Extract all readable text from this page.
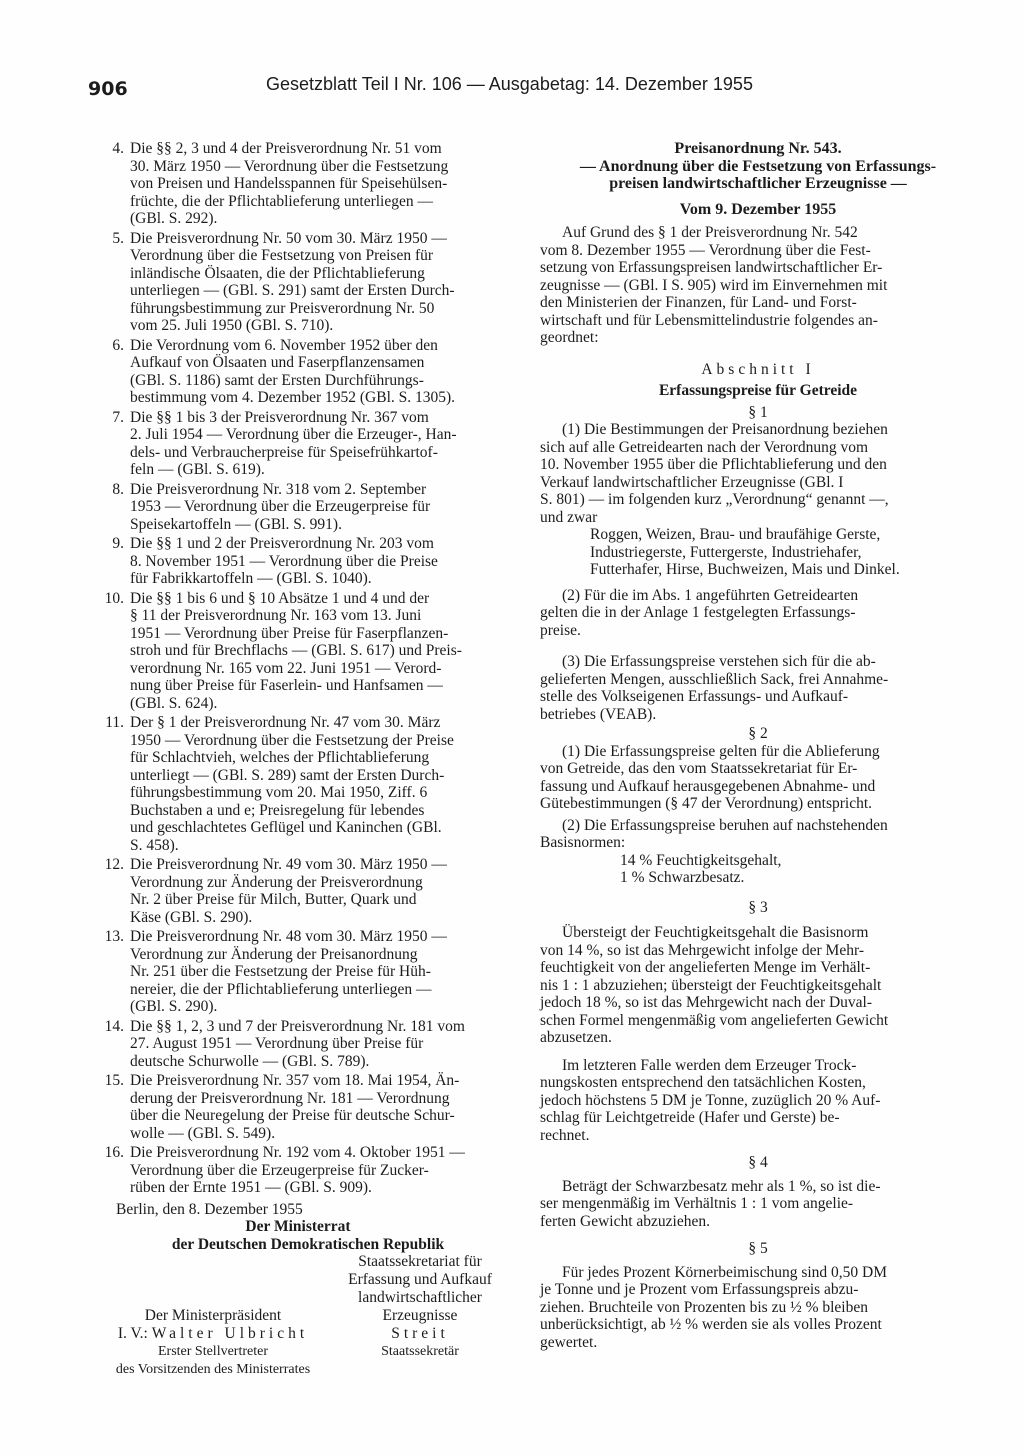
906	Gesetzblatt Teil I Nr. 106 — Ausgabetag: 14. Dezember 1955
4. Die §§ 2, 3 und 4 der Preisverordnung Nr. 51 vom
30. März 1950 — Verordnung über die Festsetzung
von Preisen und Handelsspannen für Speisehülsen-
früchte, die der Pflichtablieferung unterliegen —
(GBl. S. 292).
5. Die Preisverordnung Nr. 50 vom 30. März 1950 —
Verordnung über die Festsetzung von Preisen für
inländische Ölsaaten, die der Pflichtablieferung
unterliegen — (GBl. S. 291) samt der Ersten Durch-
führungsbestimmung zur Preisverordnung Nr. 50
vom 25. Juli 1950 (GBl. S. 710).
6. Die Verordnung vom 6. November 1952 über den
Aufkauf von Ölsaaten und Faserpflanzensamen
(GBl. S. 1186) samt der Ersten Durchführungs-
bestimmung vom 4. Dezember 1952 (GBl. S. 1305).
7. Die §§ 1 bis 3 der Preisverordnung Nr. 367 vom
2. Juli 1954 — Verordnung über die Erzeuger-, Han-
dels- und Verbraucherpreise für Speisefrühkartof-
feln — (GBl. S. 619).
8. Die Preisverordnung Nr. 318 vom 2. September
1953 — Verordnung über die Erzeugerpreise für
Speisekartoffeln — (GBl. S. 991).
9. Die §§ 1 und 2 der Preisverordnung Nr. 203 vom
8. November 1951 — Verordnung über die Preise
für Fabrikkartoffeln — (GBl. S. 1040).
10. Die §§ 1 bis 6 und § 10 Absätze 1 und 4 und der
§ 11 der Preisverordnung Nr. 163 vom 13. Juni
1951 — Verordnung über Preise für Faserpflanzen-
stroh und für Brechflachs — (GBl. S. 617) und Preis-
verordnung Nr. 165 vom 22. Juni 1951 — Verord-
nung über Preise für Faserlein- und Hanfsamen —
(GBl. S. 624).
11. Der § 1 der Preisverordnung Nr. 47 vom 30. März
1950 — Verordnung über die Festsetzung der Preise
für Schlachtvieh, welches der Pflichtablieferung
unterliegt — (GBl. S. 289) samt der Ersten Durch-
führungsbestimmung vom 20. Mai 1950, Ziff. 6
Buchstaben a und e; Preisregelung für lebendes
und geschlachtetes Geflügel und Kaninchen (GBl.
S. 458).
12. Die Preisverordnung Nr. 49 vom 30. März 1950 —
Verordnung zur Änderung der Preisverordnung
Nr. 2 über Preise für Milch, Butter, Quark und
Käse (GBl. S. 290).
13. Die Preisverordnung Nr. 48 vom 30. März 1950 —
Verordnung zur Änderung der Preisanordnung
Nr. 251 über die Festsetzung der Preise für Hüh-
nereier, die der Pflichtablieferung unterliegen —
(GBl. S. 290).
14. Die §§ 1, 2, 3 und 7 der Preisverordnung Nr. 181 vom
27. August 1951 — Verordnung über Preise für
deutsche Schurwolle — (GBl. S. 789).
15. Die Preisverordnung Nr. 357 vom 18. Mai 1954, Än-
derung der Preisverordnung Nr. 181 — Verordnung
über die Neuregelung der Preise für deutsche Schur-
wolle — (GBl. S. 549).
16. Die Preisverordnung Nr. 192 vom 4. Oktober 1951 —
Verordnung über die Erzeugerpreise für Zucker-
rüben der Ernte 1951 — (GBl. S. 909).

Berlin, den 8. Dezember 1955

Der Ministerrat

der Deutschen Demokratischen Republik

Staatssekretariat für
Erfassung und Aufkauf
landwirtschaftlicher
Erzeugnisse
Streit
Staatssekretär
Der Ministerpräsident
I. V.: Walter Ulbricht
Erster Stellvertreter
des Vorsitzenden des Ministerrates

Preisanordnung Nr. 543.

— Anordnung über die Festsetzung von Erfassungs-

preisen landwirtschaftlicher Erzeugnisse —

Vom 9. Dezember 1955

Auf Grund des § 1 der Preisverordnung Nr. 542
vom 8. Dezember 1955 — Verordnung über die Fest-
setzung von Erfassungspreisen landwirtschaftlicher Er-
zeugnisse — (GBl. I S. 905) wird im Einvernehmen mit
den Ministerien der Finanzen, für Land- und Forst-
wirtschaft und für Lebensmittelindustrie folgendes an-
geordnet:

Abschnitt I

Erfassungspreise für Getreide

§ 1

(1) Die Bestimmungen der Preisanordnung beziehen
sich auf alle Getreidearten nach der Verordnung vom
10. November 1955 über die Pflichtablieferung und den
Verkauf landwirtschaftlicher Erzeugnisse (GBl. I
S. 801) — im folgenden kurz „Verordnung“ genannt —,
und zwar
Roggen, Weizen, Brau- und braufähige Gerste,
Industriegerste, Futtergerste, Industriehafer,
Futterhafer, Hirse, Buchweizen, Mais und Dinkel.
(2) Für die im Abs. 1 angeführten Getreidearten
gelten die in der Anlage 1 festgelegten Erfassungs-
preise.
(3) Die Erfassungspreise verstehen sich für die ab-
gelieferten Mengen, ausschließlich Sack, frei Annahme-
stelle des Volkseigenen Erfassungs- und Aufkauf-
betriebes (VEAB).

§ 2

(1) Die Erfassungspreise gelten für die Ablieferung
von Getreide, das den vom Staatssekretariat für Er-
fassung und Aufkauf herausgegebenen Abnahme- und
Gütebestimmungen (§ 47 der Verordnung) entspricht.
(2) Die Erfassungspreise beruhen auf nachstehenden
Basisnormen:
14 % Feuchtigkeitsgehalt,
1 % Schwarzbesatz.

§ 3

Übersteigt der Feuchtigkeitsgehalt die Basisnorm
von 14 %, so ist das Mehrgewicht infolge der Mehr-
feuchtigkeit von der angelieferten Menge im Verhält-
nis 1 : 1 abzuziehen; übersteigt der Feuchtigkeitsgehalt
jedoch 18 %, so ist das Mehrgewicht nach der Duval-
schen Formel mengenmäßig vom angelieferten Gewicht
abzusetzen.
Im letzteren Falle werden dem Erzeuger Trock-
nungskosten entsprechend den tatsächlichen Kosten,
jedoch höchstens 5 DM je Tonne, zuzüglich 20 % Auf-
schlag für Leichtgetreide (Hafer und Gerste) be-
rechnet.

§ 4

Beträgt der Schwarzbesatz mehr als 1 %, so ist die-
ser mengenmäßig im Verhältnis 1 : 1 vom angelie-
ferten Gewicht abzuziehen.

§ 5

Für jedes Prozent Körnerbeimischung sind 0,50 DM
je Tonne und je Prozent vom Erfassungspreis abzu-
ziehen. Bruchteile von Prozenten bis zu ½ % bleiben
unberücksichtigt, ab ½ % werden sie als volles Prozent
gewertet.
